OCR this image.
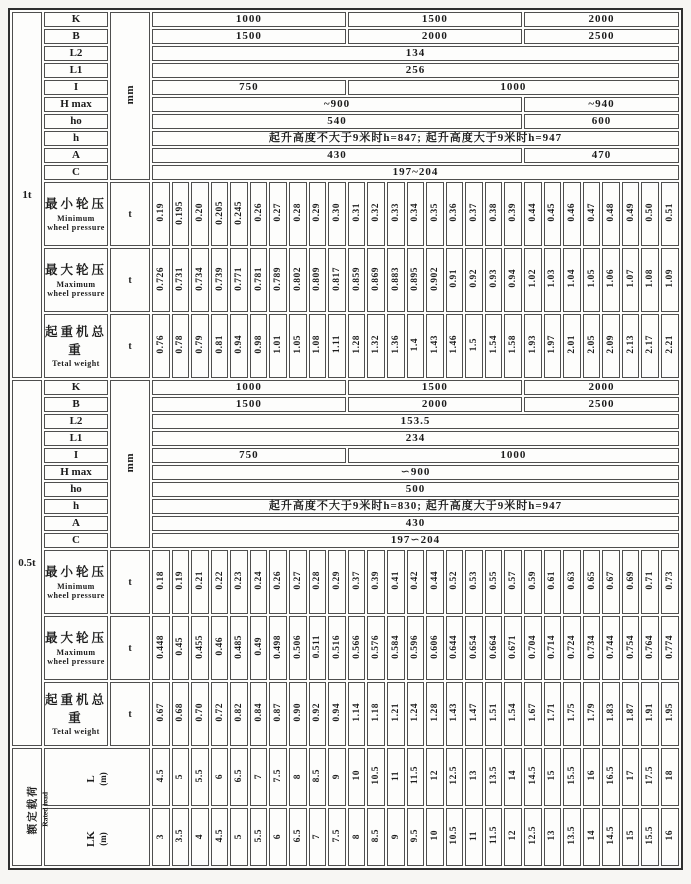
1t	K	mm	1000										1500									2000							
	B		1500										2000									2500							
	L2		134																										
	L1		256																										
	I		750										1000																
	H max		~900																			~940							
	ho		540																			600							
	h		起升高度不大于9米时h=847; 起升高度大于9米时h=947																										
	A		430																			470							
	C		197~204																										

	最小轮压
Minimum wheel pressure	t	0.19	0.195	0.20	0.205	0.245	0.26	0.27	0.28	0.29	0.30	0.31	0.32	0.33	0.34	0.35	0.36	0.37	0.38	0.39	0.44	0.45	0.46	0.47	0.48	0.49	0.50	0.51

	最大轮压
Maximum wheel pressure	t	0.726	0.731	0.734	0.739	0.771	0.781	0.789	0.802	0.809	0.817	0.859	0.869	0.883	0.895	0.902	0.91	0.92	0.93	0.94	1.02	1.03	1.04	1.05	1.06	1.07	1.08	1.09

	起重机总重
Tetal weight	t	0.76	0.78	0.79	0.81	0.94	0.98	1.01	1.05	1.08	1.11	1.28	1.32	1.36	1.4	1.43	1.46	1.5	1.54	1.58	1.93	1.97	2.01	2.05	2.09	2.13	2.17	2.21
0.5t	K	mm	1000										1500									2000							
	B		1500										2000									2500							
	L2		153.5																										
	L1		234																										
	I		750										1000																
	H max		∽900																										
	ho		500																										
	h		起升高度不大于9米时h=830; 起升高度大于9米时h=947																										
	A		430																										
	C		197∽204																										

	最小轮压
Minimum wheel pressure	t	0.18	0.19	0.21	0.22	0.23	0.24	0.26	0.27	0.28	0.29	0.37	0.39	0.41	0.42	0.44	0.52	0.53	0.55	0.57	0.59	0.61	0.63	0.65	0.67	0.69	0.71	0.73

	最大轮压
Maximum wheel pressure	t	0.448	0.45	0.455	0.46	0.485	0.49	0.498	0.506	0.511	0.516	0.566	0.576	0.584	0.596	0.606	0.644	0.654	0.664	0.671	0.704	0.714	0.724	0.734	0.744	0.754	0.764	0.774

	起重机总重
Tetal weight	t	0.67	0.68	0.70	0.72	0.82	0.84	0.87	0.90	0.92	0.94	1.14	1.18	1.21	1.24	1.28	1.43	1.47	1.51	1.54	1.67	1.71	1.75	1.79	1.83	1.87	1.91	1.95

额定载荷 Rated load	L (m)		4.5	5	5.5	6	6.5	7	7.5	8	8.5	9	10	10.5	11	11.5	12	12.5	13	13.5	14	14.5	15	15.5	16	16.5	17	17.5	18

	LK (m)		3	3.5	4	4.5	5	5.5	6	6.5	7	7.5	8	8.5	9	9.5	10	10.5	11	11.5	12	12.5	13	13.5	14	14.5	15	15.5	16
